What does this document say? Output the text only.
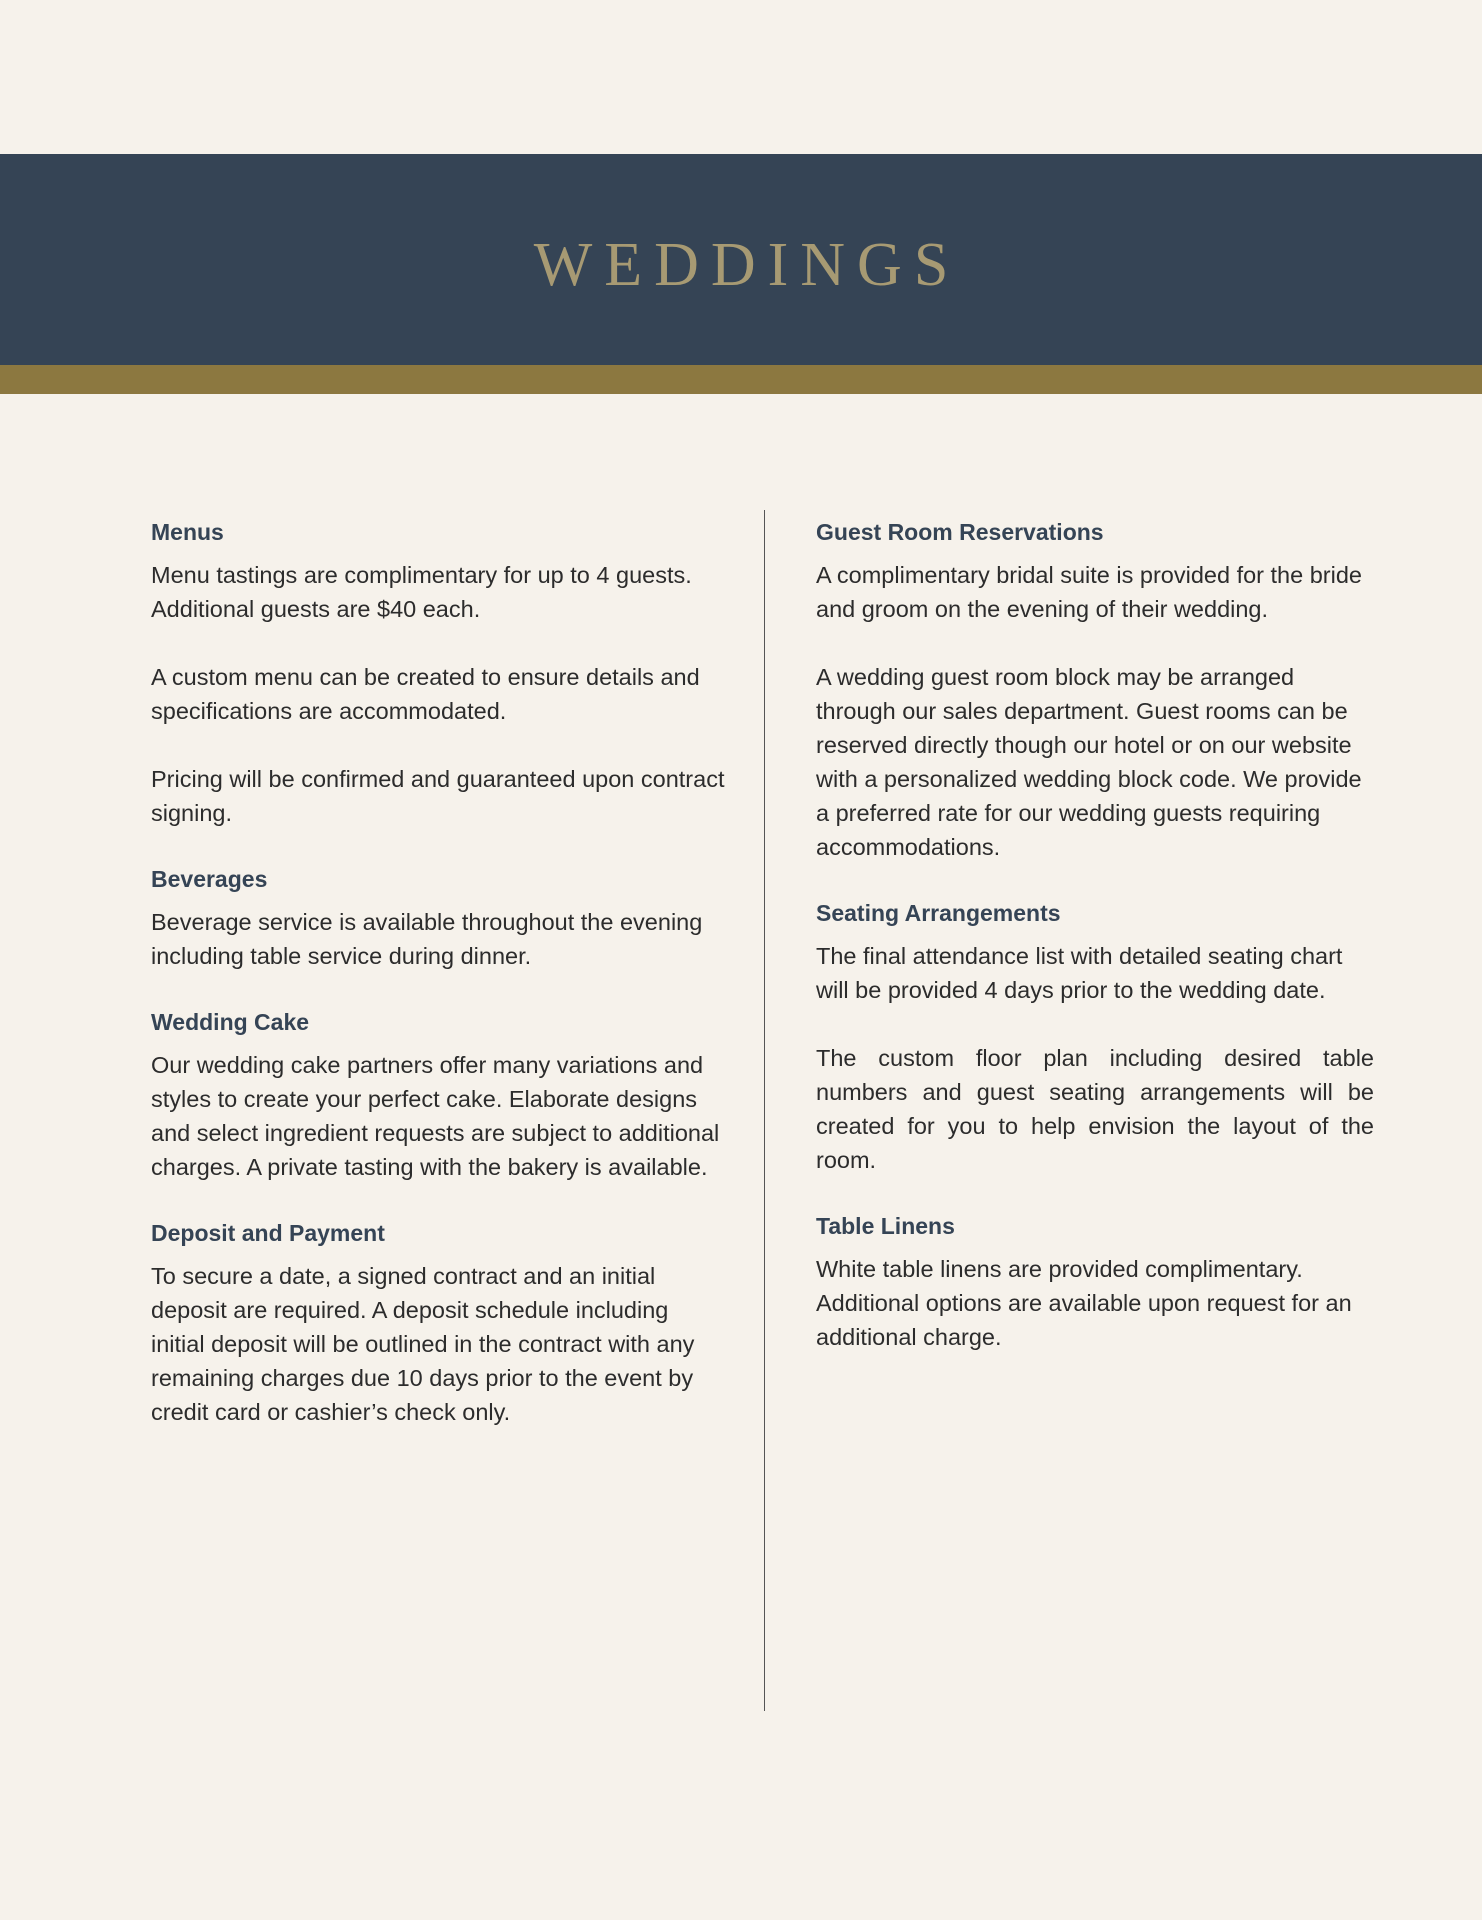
WEDDINGS
Menus

Menu tastings are complimentary for up to 4 guests. Additional guests are $40 each.

A custom menu can be created to ensure details and specifications are accommodated.

Pricing will be confirmed and guaranteed upon contract signing.

Beverages

Beverage service is available throughout the evening including table service during dinner.

Wedding Cake

Our wedding cake partners offer many variations and styles to create your perfect cake. Elaborate designs and select ingredient requests are subject to additional charges. A private tasting with the bakery is available.

Deposit and Payment

To secure a date, a signed contract and an initial deposit are required. A deposit schedule including initial deposit will be outlined in the contract with any remaining charges due 10 days prior to the event by credit card or cashier’s check only.

Guest Room Reservations

A complimentary bridal suite is provided for the bride and groom on the evening of their wedding.

A wedding guest room block may be arranged through our sales department. Guest rooms can be reserved directly though our hotel or on our website with a personalized wedding block code. We provide a preferred rate for our wedding guests requiring accommodations.

Seating Arrangements

The final attendance list with detailed seating chart will be provided 4 days prior to the wedding date.

The custom floor plan including desired table numbers and guest seating arrangements will be created for you to help envision the layout of the room.

Table Linens

White table linens are provided complimentary. Additional options are available upon request for an additional charge.
